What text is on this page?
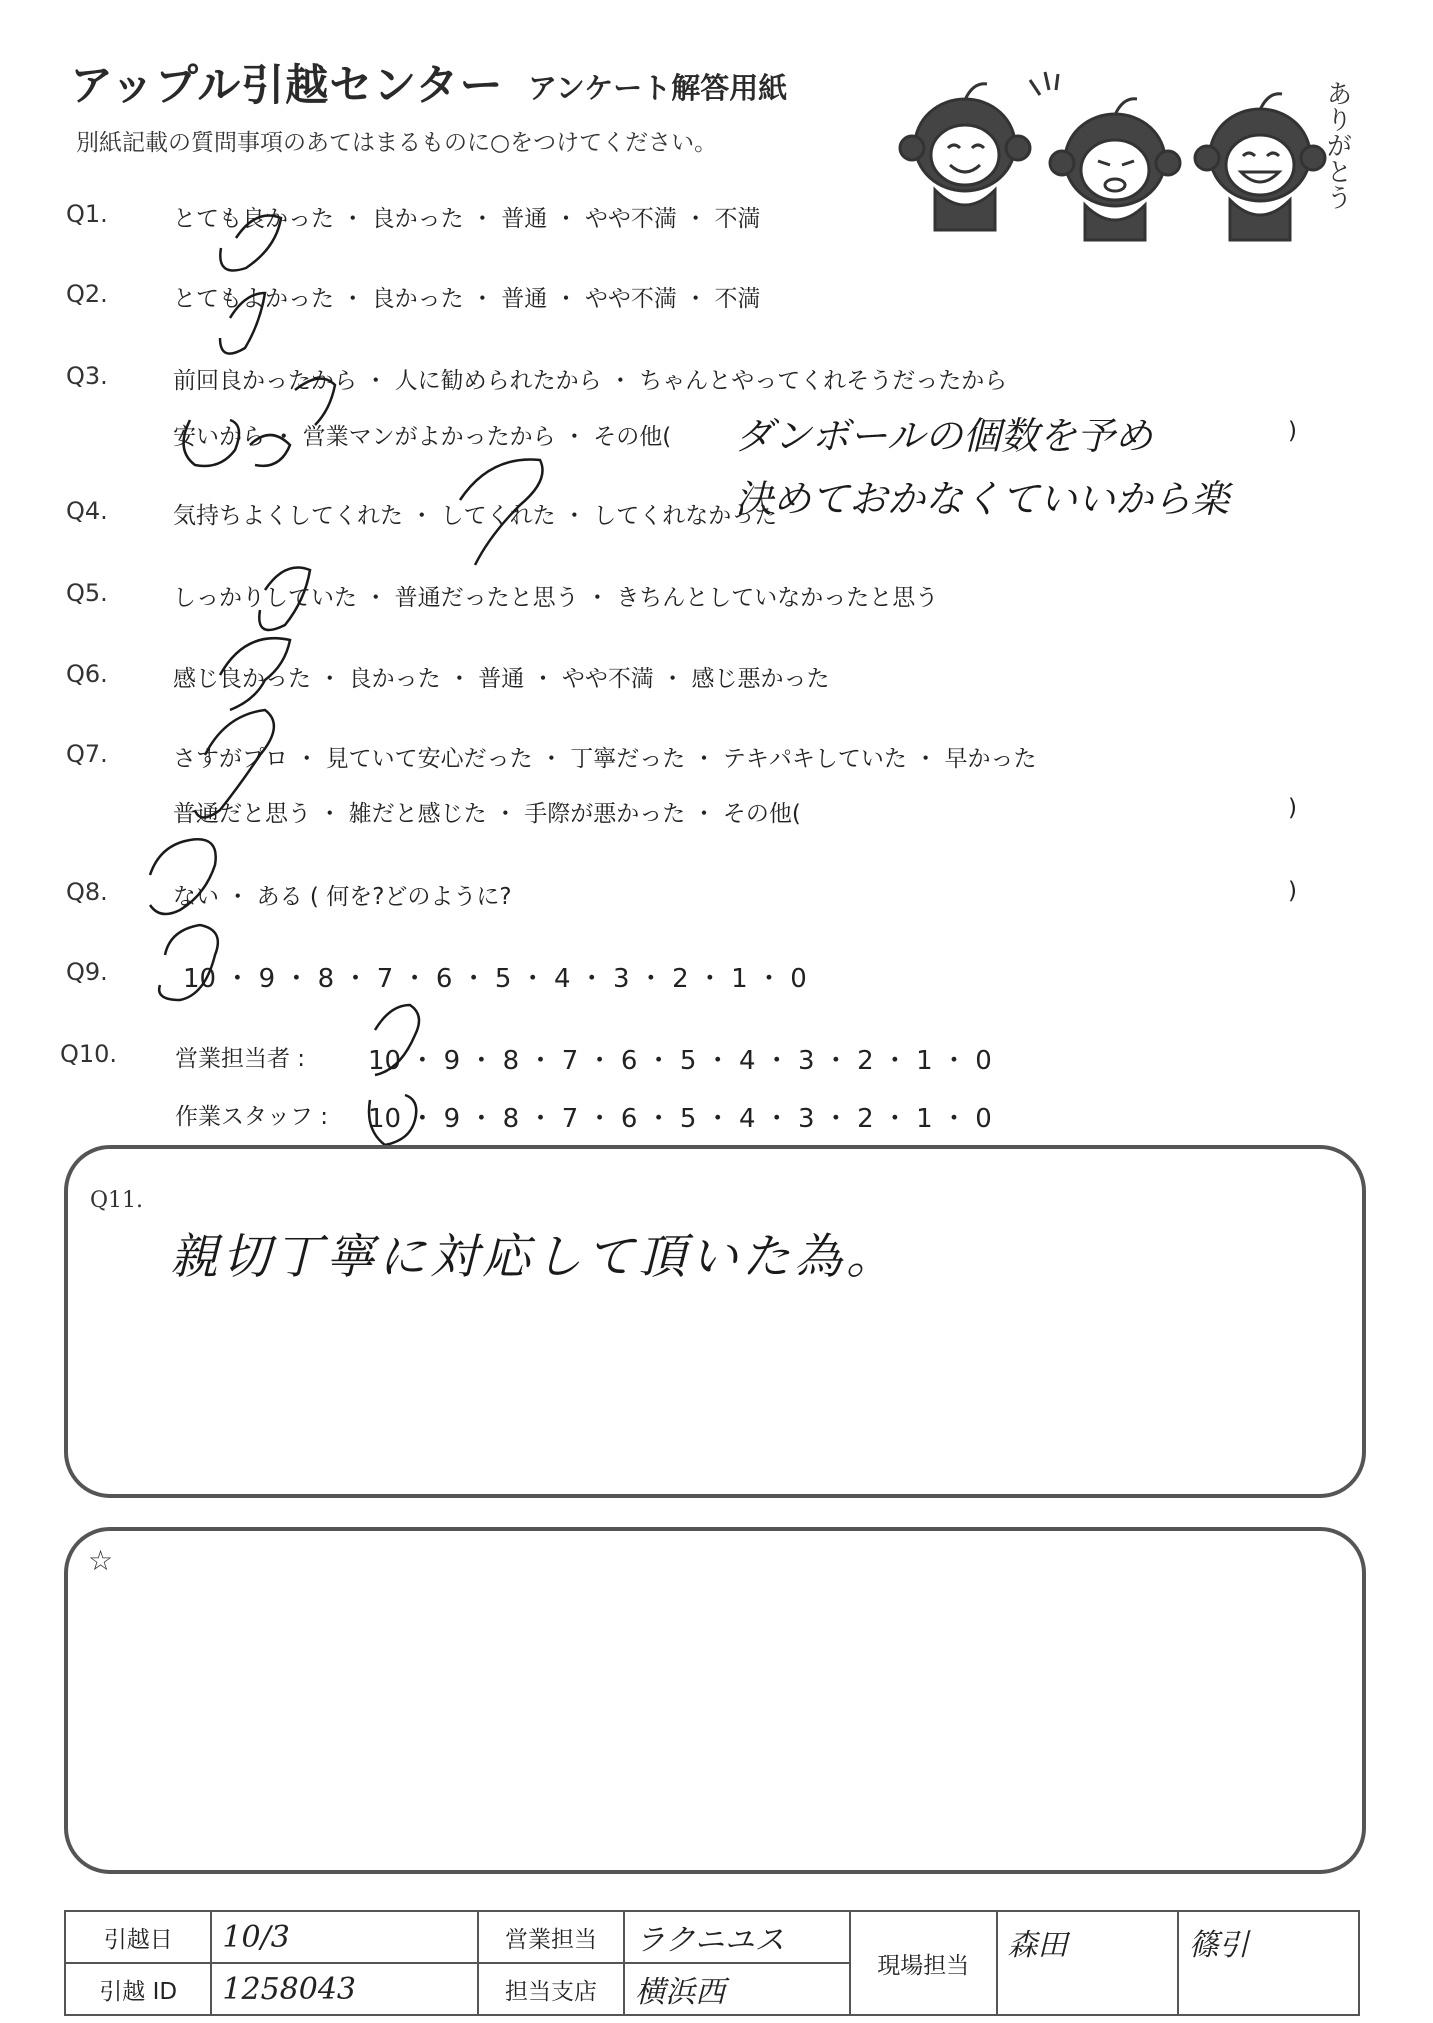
アップル引越センター アンケート解答用紙
別紙記載の質問事項のあてはまるものに○をつけてください。	ありがとう
Q1.	とても良かった ・ 良かった ・ 普通 ・ やや不満 ・ 不満
Q2.	とてもよかった ・ 良かった ・ 普通 ・ やや不満 ・ 不満
Q3.	前回良かったから ・ 人に勧められたから ・ ちゃんとやってくれそうだったから
安いから ・ 営業マンがよかったから ・ その他(	)
ダンボールの個数を予め
決めておかなくていいから楽
Q4.	気持ちよくしてくれた ・ してくれた ・ してくれなかった
Q5.	しっかりしていた ・ 普通だったと思う ・ きちんとしていなかったと思う
Q6.	感じ良かった ・ 良かった ・ 普通 ・ やや不満 ・ 感じ悪かった
Q7.	さすがプロ ・ 見ていて安心だった ・ 丁寧だった ・ テキパキしていた ・ 早かった
普通だと思う ・ 雑だと感じた ・ 手際が悪かった ・ その他(	)
Q8.	ない ・ ある ( 何を?どのように?	)
Q9.	10 ・ 9 ・ 8 ・ 7 ・ 6 ・ 5 ・ 4 ・ 3 ・ 2 ・ 1 ・ 0
Q10.	営業担当者 : 10 ・ 9 ・ 8 ・ 7 ・ 6 ・ 5 ・ 4 ・ 3 ・ 2 ・ 1 ・ 0
作業スタッフ : 10 ・ 9 ・ 8 ・ 7 ・ 6 ・ 5 ・ 4 ・ 3 ・ 2 ・ 1 ・ 0
Q11.
親切丁寧に対応して頂いた為。
☆
引越日	10/3	営業担当	ラクニユス	現場担当	森田	篠引
引越 ID	1258043	担当支店	横浜西			
